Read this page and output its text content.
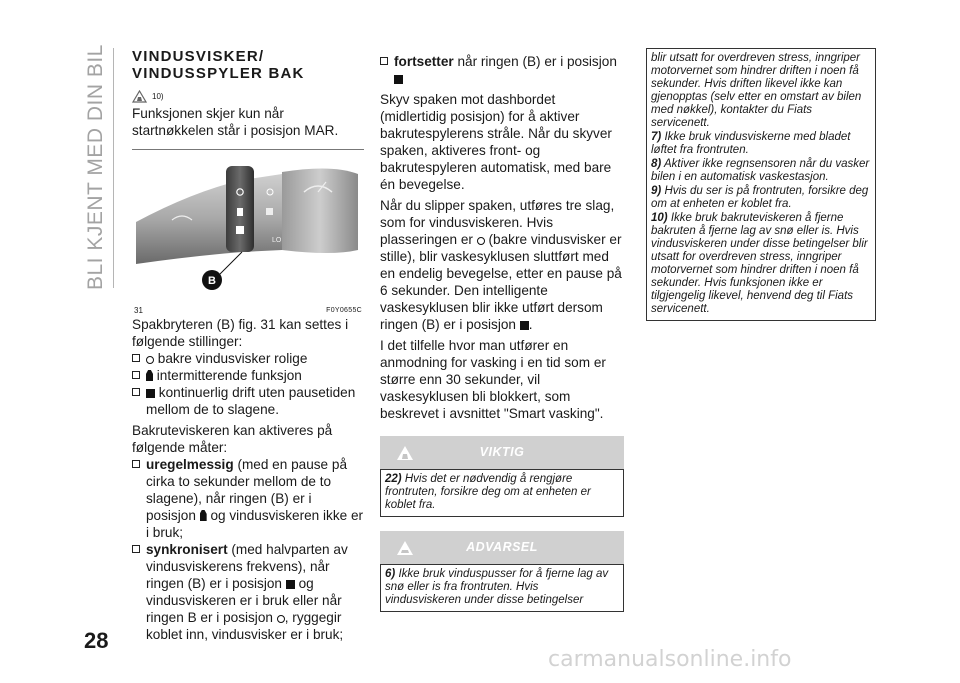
BLI KJENT MED DIN BIL VINDUSVISKER/

VINDUSSPYLER BAK

10)

Funksjonen skjer kun når startnøkkelen står i posisjon MAR.

LO
B
31	F0Y0655C

Spakbryteren (B) fig. 31 kan settes i følgende stillinger:

bakre vindusvisker rolige
intermitterende funksjon
kontinuerlig drift uten pausetiden mellom de to slagene.

Bakruteviskeren kan aktiveres på følgende måter:

uregelmessig (med en pause på cirka to sekunder mellom de to slagene), når ringen (B) er i posisjon og vindusviskeren ikke er i bruk;
synkronisert (med halvparten av vindusviskerens frekvens), når ringen (B) er i posisjon og vindusviskeren er i bruk eller når ringen B er i posisjon , ryggegir koblet inn, vindusvisker er i bruk;
fortsetter når ringen (B) er i posisjon

Skyv spaken mot dashbordet (midlertidig posisjon) for å aktiver bakrutespylerens stråle. Når du skyver spaken, aktiveres front- og bakrutespyleren automatisk, med bare én bevegelse.

Når du slipper spaken, utføres tre slag, som for vindusviskeren. Hvis plasseringen er (bakre vindusvisker er stille), blir vaskesyklusen sluttført med en endelig bevegelse, etter en pause på 6 sekunder. Den intelligente vaskesyklusen blir ikke utført dersom ringen (B) er i posisjon .

I det tilfelle hvor man utfører en anmodning for vasking i en tid som er større enn 30 sekunder, vil vaskesyklusen bli blokkert, som beskrevet i avsnittet "Smart vasking".

VIKTIG
22) Hvis det er nødvendig å rengjøre frontruten, forsikre deg om at enheten er koblet fra.
ADVARSEL
6) Ikke bruk vinduspusser for å fjerne lag av snø eller is fra frontruten. Hvis vindusviskeren under disse betingelser

blir utsatt for overdreven stress, inngriper motorvernet som hindrer driften i noen få sekunder. Hvis driften likevel ikke kan gjenopptas (selv etter en omstart av bilen med nøkkel), kontakter du Fiats servicenett.

7) Ikke bruk vindusviskerne med bladet løftet fra frontruten.

8) Aktiver ikke regnsensoren når du vasker bilen i en automatisk vaskestasjon.

9) Hvis du ser is på frontruten, forsikre deg om at enheten er koblet fra.

10) Ikke bruk bakruteviskeren å fjerne bakruten å fjerne lag av snø eller is. Hvis vindusviskeren under disse betingelser blir utsatt for overdreven stress, inngriper motorvernet som hindrer driften i noen få sekunder. Hvis funksjonen ikke er tilgjengelig likevel, henvend deg til Fiats servicenett.

28
carmanualsonline.info
